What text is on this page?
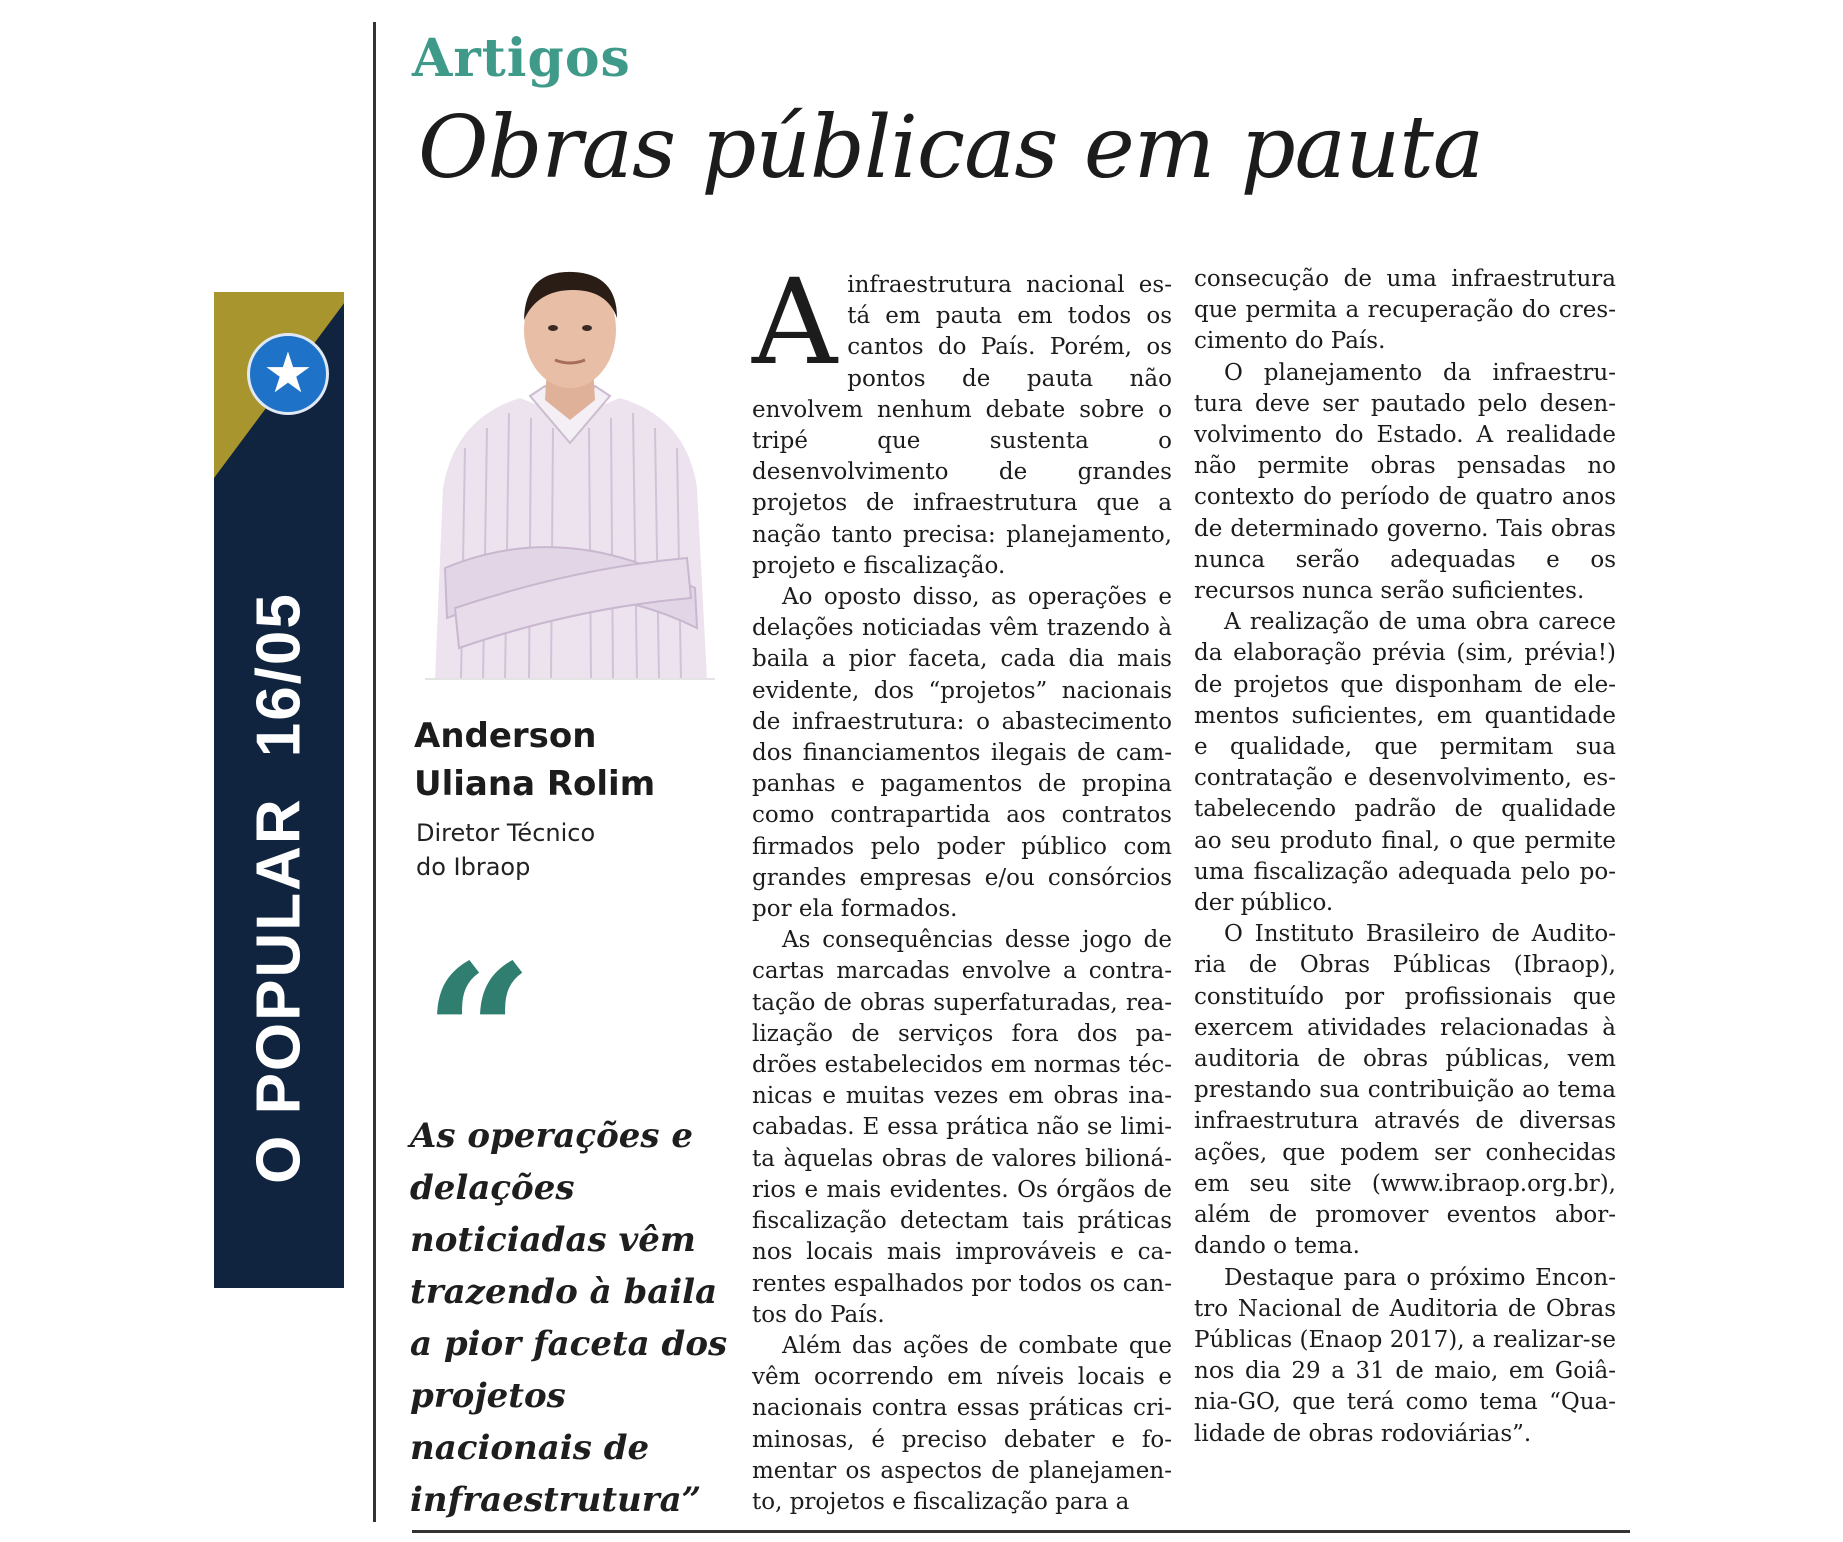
★
O POPULAR16/05
Artigos
Obras públicas em pauta
Anderson
Uliana Rolim

Diretor Técnico
do Ibraop

“

As operações e delações noticiadas vêm trazendo à baila a pior faceta dos projetos nacionais de infraestrutura”

Ainfraestrutura nacional está em pauta em todos os cantos do País. Porém, os pontos de pauta não envolvem nenhum debate sobre o tripé que sustenta o desenvolvimento de grandes projetos de infraestrutura que a nação tanto precisa: planejamento, projeto e fiscalização.

Ao oposto disso, as operações e delações noticiadas vêm trazendo à baila a pior faceta, cada dia mais evidente, dos “projetos” nacionais de infraestrutura: o abastecimento dos financiamentos ilegais de campanhas e pagamentos de propina como contrapartida aos contratos firmados pelo poder público com grandes empresas e/ou consórcios por ela formados.

As consequências desse jogo de cartas marcadas envolve a contratação de obras superfaturadas, realização de serviços fora dos padrões estabelecidos em normas técnicas e muitas vezes em obras inacabadas. E essa prática não se limita àquelas obras de valores bilionários e mais evidentes. Os órgãos de fiscalização detectam tais práticas nos locais mais improváveis e carentes espalhados por todos os cantos do País.

Além das ações de combate que vêm ocorrendo em níveis locais e nacionais contra essas práticas criminosas, é preciso debater e fomentar os aspectos de planejamento, projetos e fiscalização para a

consecução de uma infraestrutura que permita a recuperação do crescimento do País.

O planejamento da infraestrutura deve ser pautado pelo desenvolvimento do Estado. A realidade não permite obras pensadas no contexto do período de quatro anos de determinado governo. Tais obras nunca serão adequadas e os recursos nunca serão suficientes.

A realização de uma obra carece da elaboração prévia (sim, prévia!) de projetos que disponham de elementos suficientes, em quantidade e qualidade, que permitam sua contratação e desenvolvimento, estabelecendo padrão de qualidade ao seu produto final, o que permite uma fiscalização adequada pelo poder público.

O Instituto Brasileiro de Auditoria de Obras Públicas (Ibraop), constituído por profissionais que exercem atividades relacionadas à auditoria de obras públicas, vem prestando sua contribuição ao tema infraestrutura através de diversas ações, que podem ser conhecidas em seu site (www.ibraop.org.br), além de promover eventos abordando o tema.

Destaque para o próximo Encontro Nacional de Auditoria de Obras Públicas (Enaop 2017), a realizar-se nos dia 29 a 31 de maio, em Goiânia-GO, que terá como tema “Qualidade de obras rodoviárias”.
